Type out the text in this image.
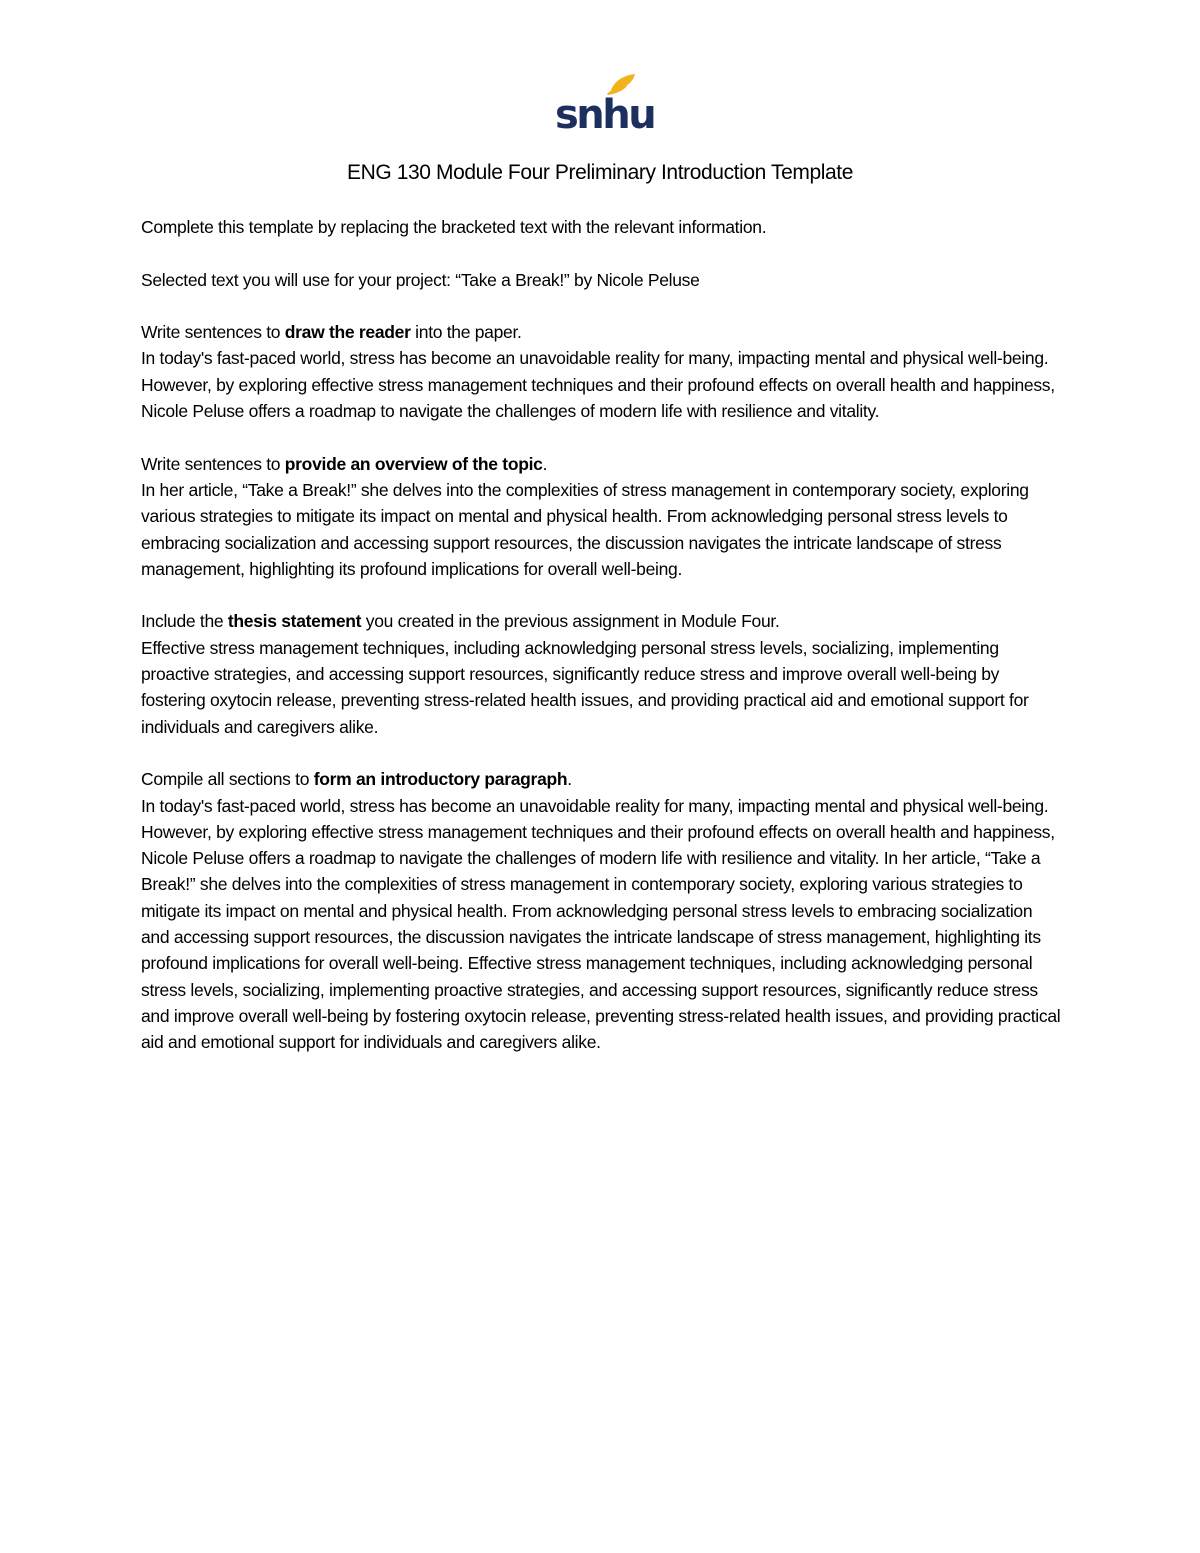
snhu
ENG 130 Module Four Preliminary Introduction Template

Complete this template by replacing the bracketed text with the relevant information.

Selected text you will use for your project: “Take a Break!” by Nicole Peluse

Write sentences to draw the reader into the paper.

In today's fast-paced world, stress has become an unavoidable reality for many, impacting mental and physical well-being. However, by exploring effective stress management techniques and their profound effects on overall health and happiness, Nicole Peluse offers a roadmap to navigate the challenges of modern life with resilience and vitality.

Write sentences to provide an overview of the topic.

In her article, “Take a Break!” she delves into the complexities of stress management in contemporary society, exploring various strategies to mitigate its impact on mental and physical health. From acknowledging personal stress levels to embracing socialization and accessing support resources, the discussion navigates the intricate landscape of stress management, highlighting its profound implications for overall well-being.

Include the thesis statement you created in the previous assignment in Module Four.

Effective stress management techniques, including acknowledging personal stress levels, socializing, implementing proactive strategies, and accessing support resources, significantly reduce stress and improve overall well-being by fostering oxytocin release, preventing stress-related health issues, and providing practical aid and emotional support for individuals and caregivers alike.

Compile all sections to form an introductory paragraph.

In today's fast-paced world, stress has become an unavoidable reality for many, impacting mental and physical well-being. However, by exploring effective stress management techniques and their profound effects on overall health and happiness, Nicole Peluse offers a roadmap to navigate the challenges of modern life with resilience and vitality. In her article, “Take a Break!” she delves into the complexities of stress management in contemporary society, exploring various strategies to mitigate its impact on mental and physical health. From acknowledging personal stress levels to embracing socialization and accessing support resources, the discussion navigates the intricate landscape of stress management, highlighting its profound implications for overall well-being. Effective stress management techniques, including acknowledging personal stress levels, socializing, implementing proactive strategies, and accessing support resources, significantly reduce stress and improve overall well-being by fostering oxytocin release, preventing stress-related health issues, and providing practical aid and emotional support for individuals and caregivers alike.
